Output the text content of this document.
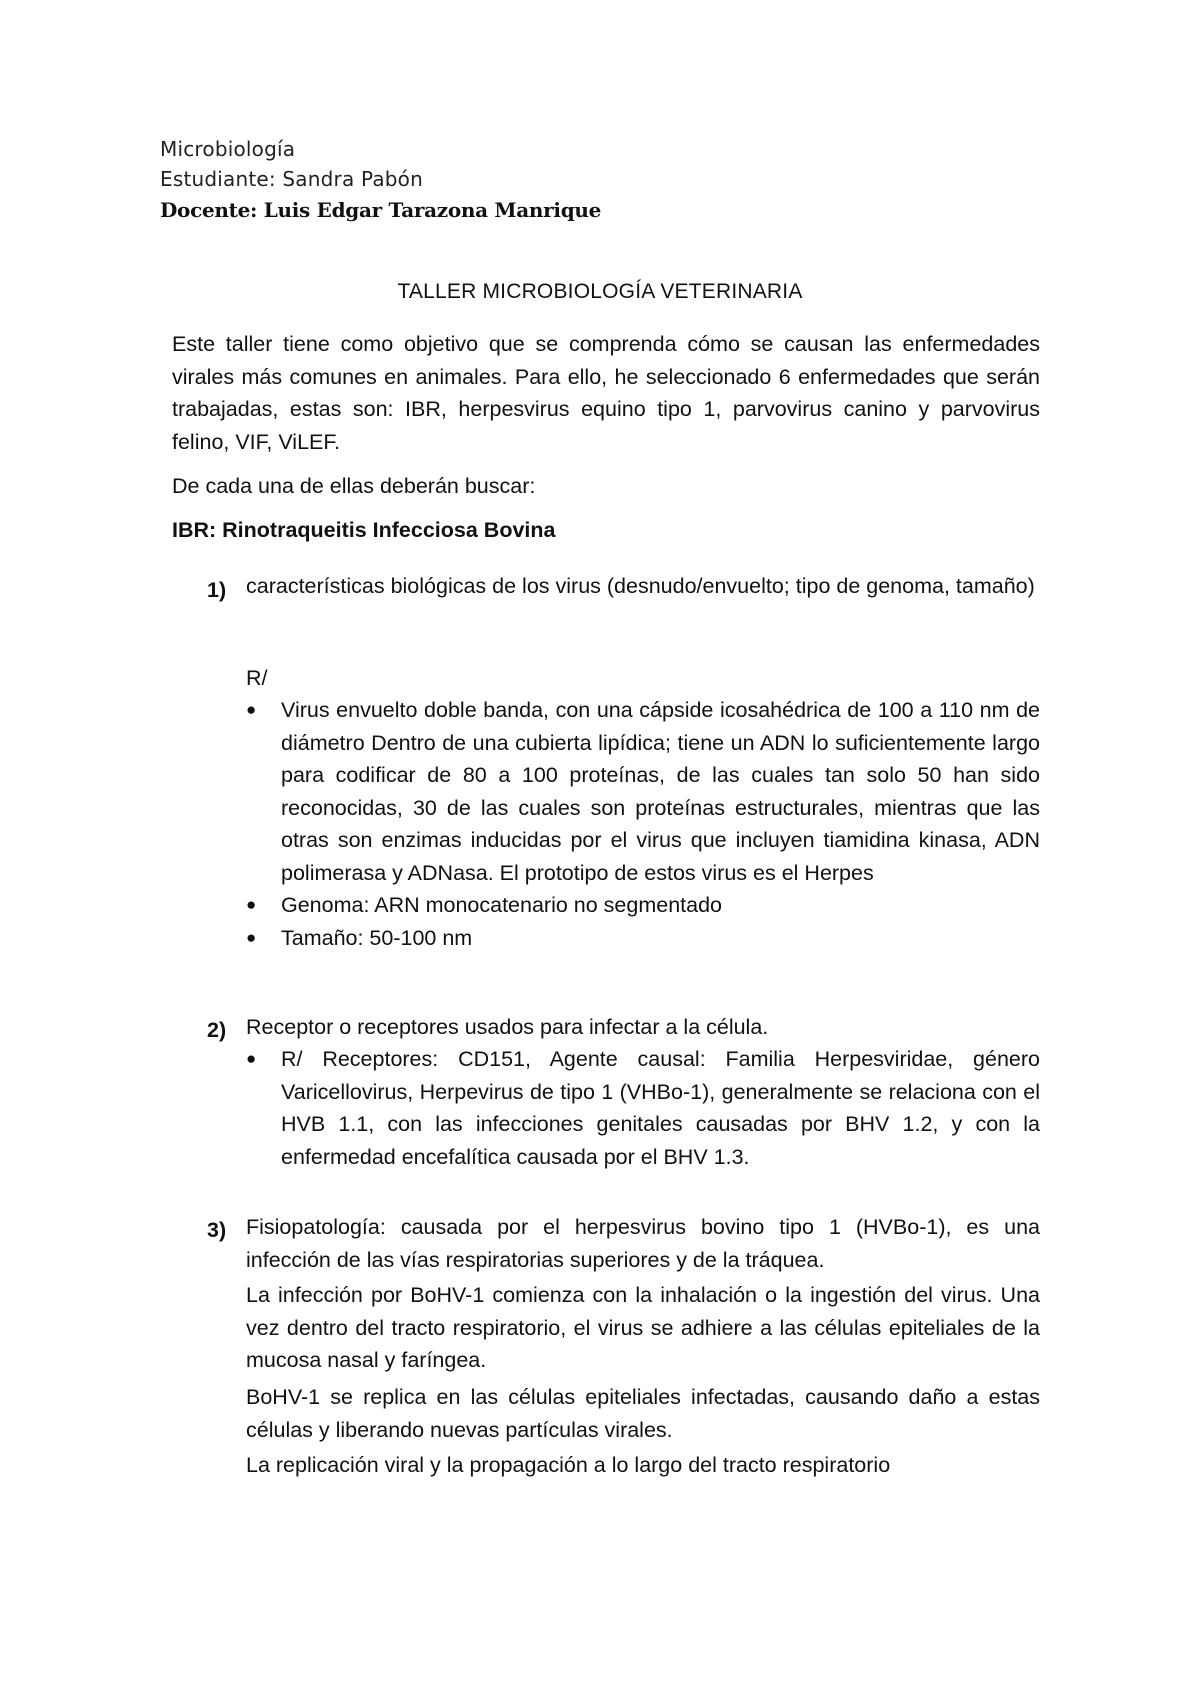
Microbiología
Estudiante: Sandra Pabón
Docente: Luis Edgar Tarazona Manrique
TALLER MICROBIOLOGÍA VETERINARIA
Este taller tiene como objetivo que se comprenda cómo se causan las enfermedades virales más comunes en animales. Para ello, he seleccionado 6 enfermedades que serán trabajadas, estas son: IBR, herpesvirus equino tipo 1, parvovirus canino y parvovirus felino, VIF, ViLEF.
De cada una de ellas deberán buscar:
IBR: Rinotraqueitis Infecciosa Bovina
1) características biológicas de los virus (desnudo/envuelto; tipo de genoma, tamaño)
R/
● Virus envuelto doble banda, con una cápside icosahédrica de 100 a 110 nm de diámetro Dentro de una cubierta lipídica; tiene un ADN lo suficientemente largo para codificar de 80 a 100 proteínas, de las cuales tan solo 50 han sido reconocidas, 30 de las cuales son proteínas estructurales, mientras que las otras son enzimas inducidas por el virus que incluyen tiamidina kinasa, ADN polimerasa y ADNasa. El prototipo de estos virus es el Herpes
● Genoma: ARN monocatenario no segmentado
● Tamaño: 50-100 nm
2) Receptor o receptores usados para infectar a la célula.
● R/ Receptores: CD151, Agente causal: Familia Herpesviridae, género Varicellovirus, Herpevirus de tipo 1 (VHBo-1), generalmente se relaciona con el HVB 1.1, con las infecciones genitales causadas por BHV 1.2, y con la enfermedad encefalítica causada por el BHV 1.3.
3) Fisiopatología: causada por el herpesvirus bovino tipo 1 (HVBo-1), es una infección de las vías respiratorias superiores y de la tráquea.
La infección por BoHV-1 comienza con la inhalación o la ingestión del virus. Una vez dentro del tracto respiratorio, el virus se adhiere a las células epiteliales de la mucosa nasal y faríngea.
BoHV-1 se replica en las células epiteliales infectadas, causando daño a estas células y liberando nuevas partículas virales.
La replicación viral y la propagación a lo largo del tracto respiratorio
